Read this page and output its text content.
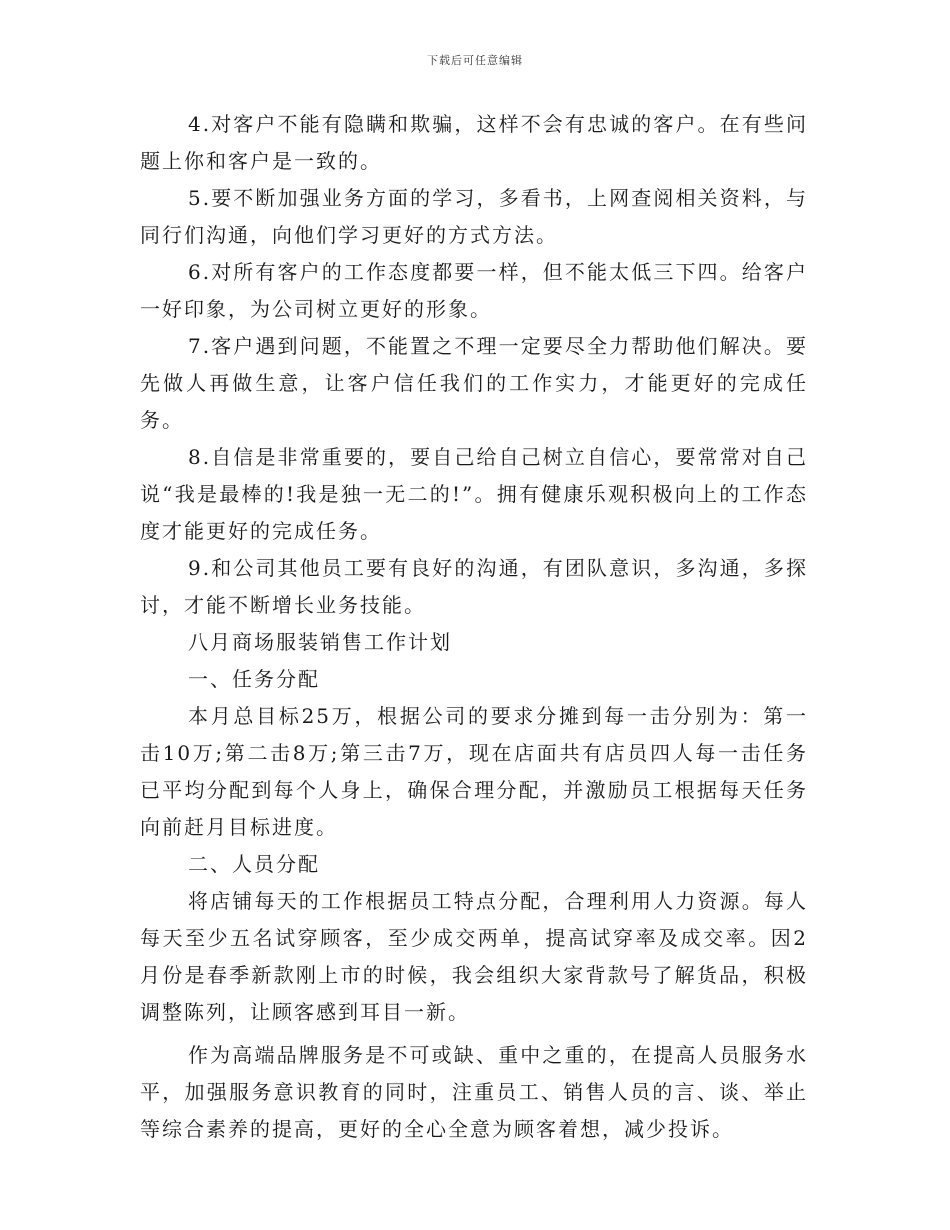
下载后可任意编辑

4.对客户不能有隐瞒和欺骗，这样不会有忠诚的客户。在有些问题上你和客户是一致的。

5.要不断加强业务方面的学习，多看书，上网查阅相关资料，与同行们沟通，向他们学习更好的方式方法。

6.对所有客户的工作态度都要一样，但不能太低三下四。给客户一好印象，为公司树立更好的形象。

7.客户遇到问题，不能置之不理一定要尽全力帮助他们解决。要先做人再做生意，让客户信任我们的工作实力，才能更好的完成任务。

8.自信是非常重要的，要自己给自己树立自信心，要常常对自己说“我是最棒的!我是独一无二的!”。拥有健康乐观积极向上的工作态度才能更好的完成任务。

9.和公司其他员工要有良好的沟通，有团队意识，多沟通，多探讨，才能不断增长业务技能。

八月商场服装销售工作计划

一、任务分配

本月总目标25万，根据公司的要求分摊到每一击分别为：第一击10万;第二击8万;第三击7万，现在店面共有店员四人每一击任务已平均分配到每个人身上，确保合理分配，并激励员工根据每天任务向前赶月目标进度。

二、人员分配

将店铺每天的工作根据员工特点分配，合理利用人力资源。每人每天至少五名试穿顾客，至少成交两单，提高试穿率及成交率。因2月份是春季新款刚上市的时候，我会组织大家背款号了解货品，积极调整陈列，让顾客感到耳目一新。

作为高端品牌服务是不可或缺、重中之重的，在提高人员服务水平，加强服务意识教育的同时，注重员工、销售人员的言、谈、举止等综合素养的提高，更好的全心全意为顾客着想，减少投诉。
